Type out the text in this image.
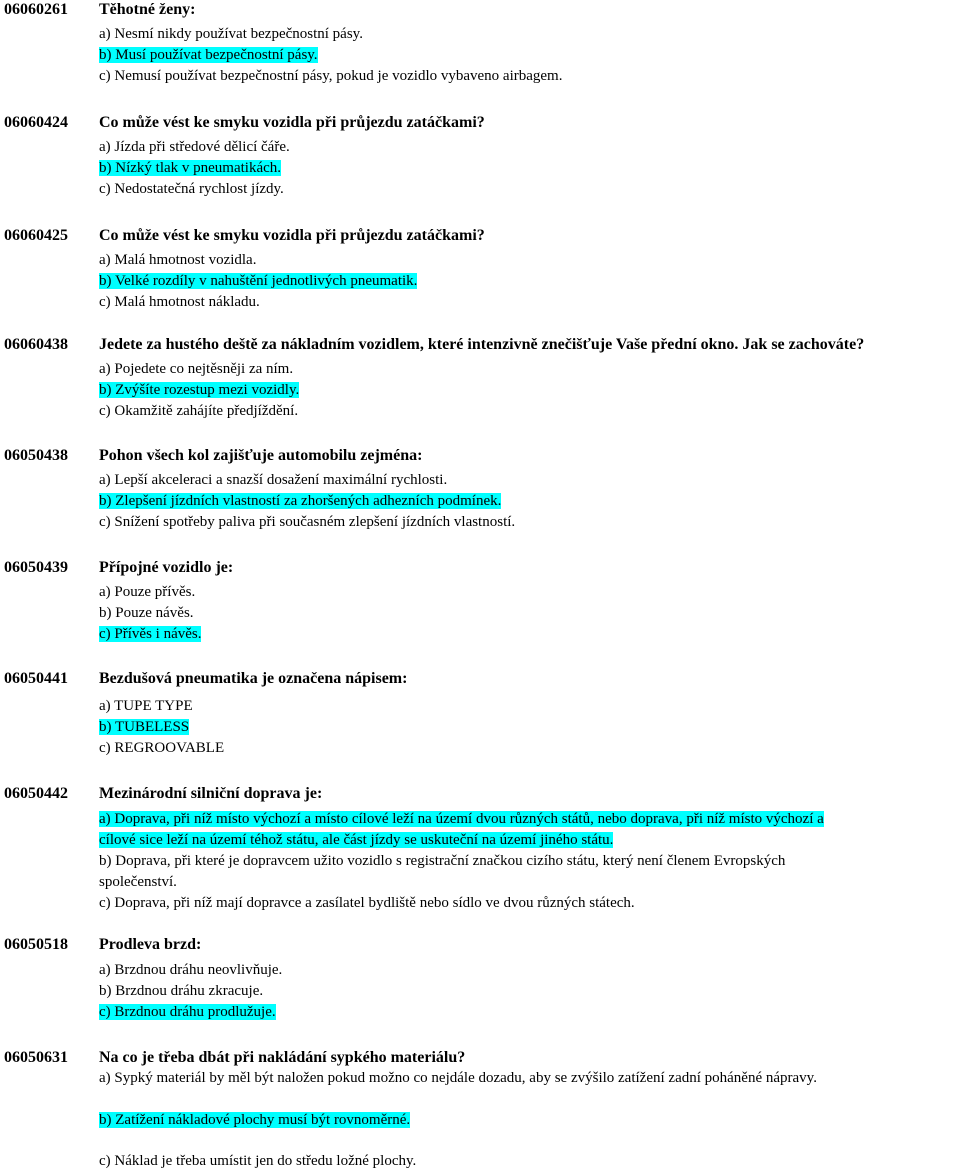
06060261 Těhotné ženy:
a) Nesmí nikdy používat bezpečnostní pásy.
b) Musí používat bezpečnostní pásy.
c) Nemusí používat bezpečnostní pásy, pokud je vozidlo vybaveno airbagem.
06060424 Co může vést ke smyku vozidla při průjezdu zatáčkami?
a) Jízda při středové dělicí čáře.
b) Nízký tlak v pneumatikách.
c) Nedostatečná rychlost jízdy.
06060425 Co může vést ke smyku vozidla při průjezdu zatáčkami?
a) Malá hmotnost vozidla.
b) Velké rozdíly v nahuštění jednotlivých pneumatik.
c) Malá hmotnost nákladu.
06060438 Jedete za hustého deště za nákladním vozidlem, které intenzivně znečišťuje Vaše přední okno. Jak se zachováte?
a) Pojedete co nejtěsněji za ním.
b) Zvýšíte rozestup mezi vozidly.
c) Okamžitě zahájíte předjíždění.
06050438 Pohon všech kol zajišťuje automobilu zejména:
a) Lepší akceleraci a snazší dosažení maximální rychlosti.
b) Zlepšení jízdních vlastností za zhoršených adhezních podmínek.
c) Snížení spotřeby paliva při současném zlepšení jízdních vlastností.
06050439 Přípojné vozidlo je:
a) Pouze přívěs.
b) Pouze návěs.
c) Přívěs i návěs.
06050441 Bezdušová pneumatika je označena nápisem:
a) TUPE TYPE
b) TUBELESS
c) REGROOVABLE
06050442 Mezinárodní silniční doprava je:
a) Doprava, při níž místo výchozí a místo cílové leží na území dvou různých států, nebo doprava, při níž místo výchozí a cílové sice leží na území téhož státu, ale část jízdy se uskuteční na území jiného státu.
b) Doprava, při které je dopravcem užito vozidlo s registrační značkou cizího státu, který není členem Evropských společenství.
c) Doprava, při níž mají dopravce a zasílatel bydliště nebo sídlo ve dvou různých státech.
06050518 Prodleva brzd:
a) Brzdnou dráhu neovlivňuje.
b) Brzdnou dráhu zkracuje.
c) Brzdnou dráhu prodlužuje.
06050631 Na co je třeba dbát při nakládání sypkého materiálu?
a) Sypký materiál by měl být naložen pokud možno co nejdále dozadu, aby se zvýšilo zatížení zadní poháněné nápravy.
b) Zatížení nákladové plochy musí být rovnoměrné.
c) Náklad je třeba umístit jen do středu ložné plochy.
